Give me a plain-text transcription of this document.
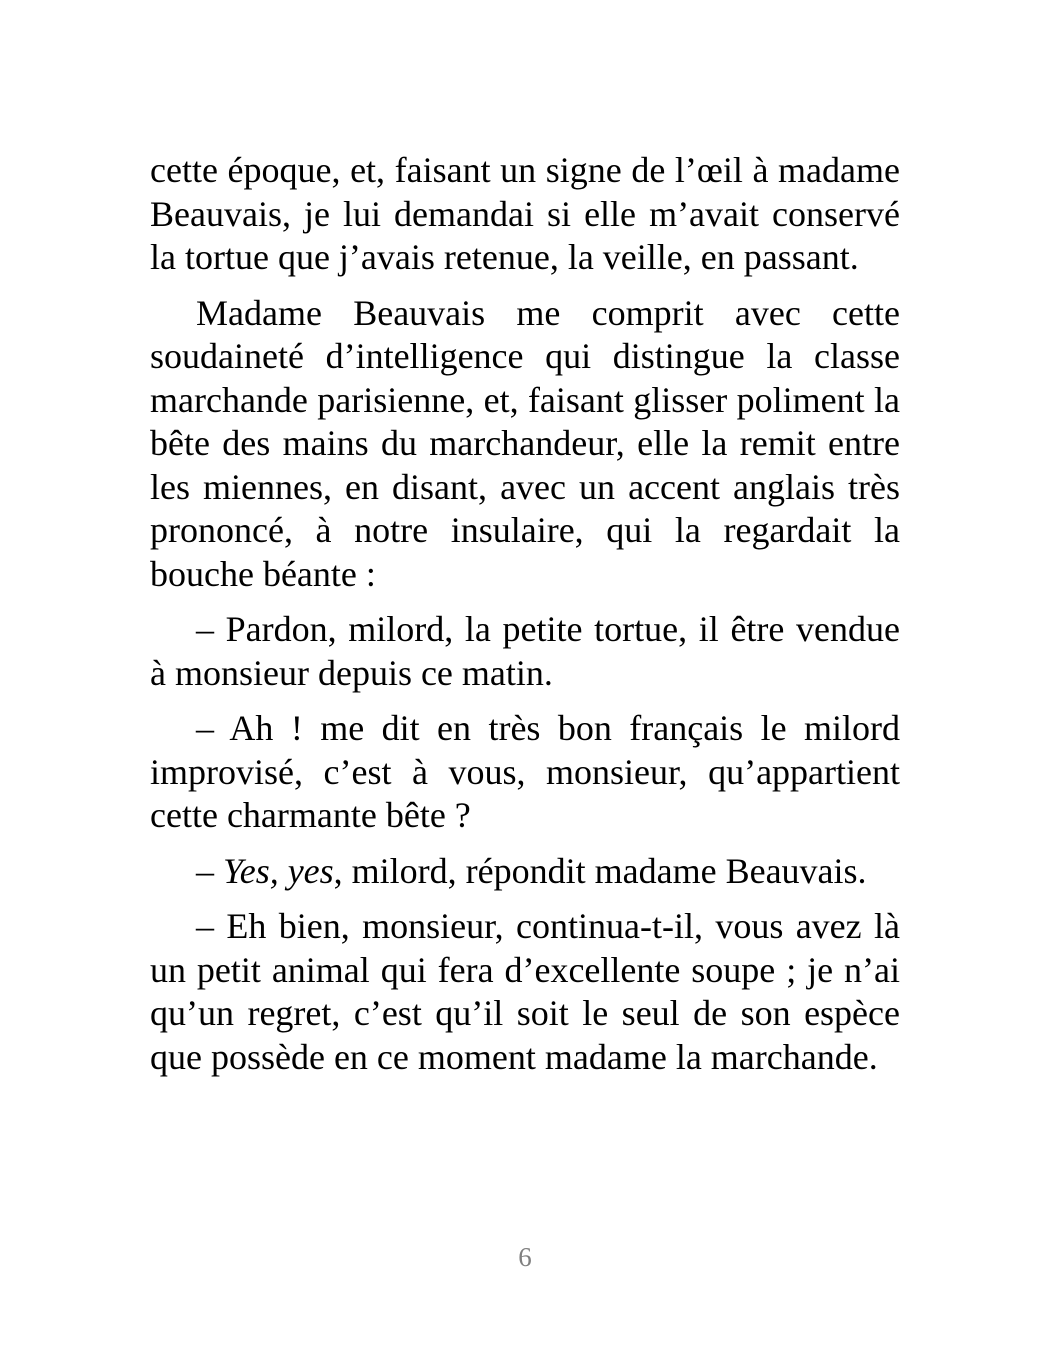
cette époque, et, faisant un signe de l’œil à madame Beauvais, je lui demandai si elle m’avait conservé la tortue que j’avais retenue, la veille, en passant.

Madame Beauvais me comprit avec cette soudaineté d’intelligence qui distingue la classe marchande parisienne, et, faisant glisser poliment la bête des mains du marchandeur, elle la remit entre les miennes, en disant, avec un accent anglais très prononcé, à notre insulaire, qui la regardait la bouche béante :

– Pardon, milord, la petite tortue, il être vendue à monsieur depuis ce matin.

– Ah ! me dit en très bon français le milord improvisé, c’est à vous, monsieur, qu’appartient cette charmante bête ?

– Yes, yes, milord, répondit madame Beauvais.

– Eh bien, monsieur, continua-t-il, vous avez là un petit animal qui fera d’excellente soupe ; je n’ai qu’un regret, c’est qu’il soit le seul de son espèce que possède en ce moment madame la marchande.

6
